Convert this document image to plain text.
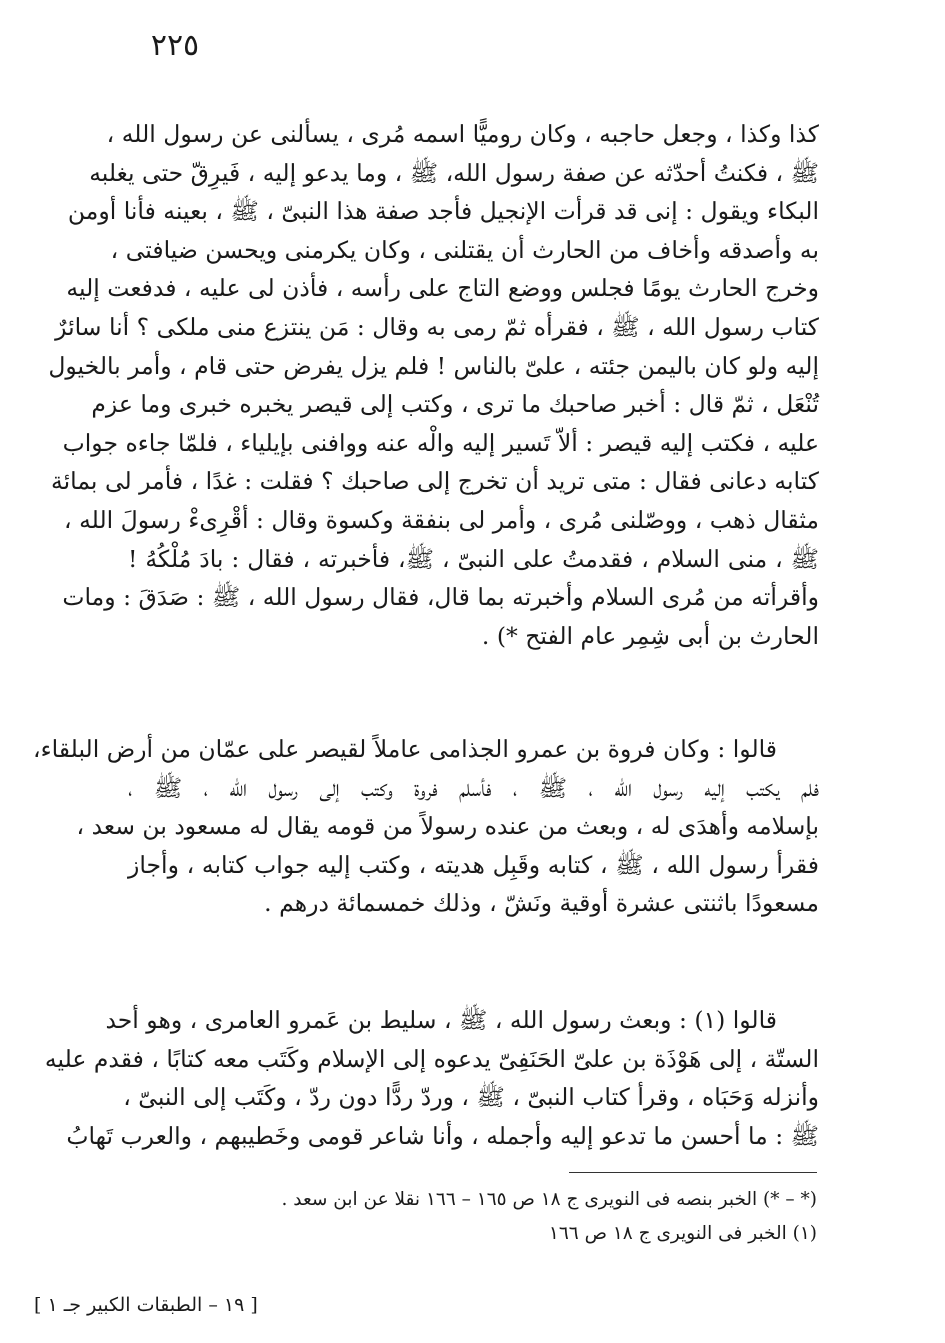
٢٢٥
كذا وكذا ، وجعل حاجبه ، وكان روميًّا اسمه مُرى ، يسألنى عن رسول الله ،
ﷺ ، فكنتُ أحدّثه عن صفة رسول الله، ﷺ ، وما يدعو إليه ، فَيرِقّ حتى يغلبه
البكاء ويقول : إنى قد قرأت الإنجيل فأجد صفة هذا النبىّ ، ﷺ ، بعينه فأنا أومن
به وأصدقه وأخاف من الحارث أن يقتلنى ، وكان يكرمنى ويحسن ضيافتى ،
وخرج الحارث يومًا فجلس ووضع التاج على رأسه ، فأذن لى عليه ، فدفعت إليه
كتاب رسول الله ، ﷺ ، فقرأه ثمّ رمى به وقال : مَن ينتزع منى ملكى ؟ أنا سائرٌ
إليه ولو كان باليمن جئته ، علىّ بالناس ! فلم يزل يفرض حتى قام ، وأمر بالخيول
تُنْعَل ، ثمّ قال : أخبر صاحبك ما ترى ، وكتب إلى قيصر يخبره خبرى وما عزم
عليه ، فكتب إليه قيصر : ألاّ تَسير إليه والْه عنه ووافنى بإيلياء ، فلمّا جاءه جواب
كتابه دعانى فقال : متى تريد أن تخرج إلى صاحبك ؟ فقلت : غدًا ، فأمر لى بمائة
مثقال ذهب ، ووصّلنى مُرى ، وأمر لى بنفقة وكسوة وقال : أقْرِىءْ رسولَ الله ،
ﷺ ، منى السلام ، فقدمتُ على النبىّ ، ﷺ، فأخبرته ، فقال : بادَ مُلْكُهُ !
وأقرأته من مُرى السلام وأخبرته بما قال، فقال رسول الله ، ﷺ : صَدَقَ : ومات
الحارث بن أبى شِمِر عام الفتح *) .
قالوا : وكان فروة بن عمرو الجذامى عاملاً لقيصر على عمّان من أرض البلقاء،
فلم يكتب إليه رسول الله ، ﷺ ، فأسلم فروة وكتب إلى رسول الله ، ﷺ ،
بإسلامه وأهدَى له ، وبعث من عنده رسولاً من قومه يقال له مسعود بن سعد ،
فقرأ رسول الله ، ﷺ ، كتابه وقَبِل هديته ، وكتب إليه جواب كتابه ، وأجاز
مسعودًا باثنتى عشرة أوقية ونَشّ ، وذلك خمسمائة درهم .
قالوا (١) : وبعث رسول الله ، ﷺ ، سليط بن عَمرو العامرى ، وهو أحد
الستّة ، إلى هَوْذَة بن علىّ الحَنَفِىّ يدعوه إلى الإسلام وكَتَب معه كتابًا ، فقدم عليه
وأنزله وَحَبَاه ، وقرأ كتاب النبىّ ، ﷺ ، وردّ ردًّا دون ردّ ، وكَتَب إلى النبىّ ،
ﷺ : ما أحسن ما تدعو إليه وأجمله ، وأنا شاعر قومى وخَطيبهم ، والعرب تَهابُ
(* – *) الخبر بنصه فى النويرى ج ١٨ ص ١٦٥ – ١٦٦ نقلا عن ابن سعد .
(١) الخبر فى النويرى ج ١٨ ص ١٦٦
[ ١٩ – الطبقات الكبير جـ ١ ]
